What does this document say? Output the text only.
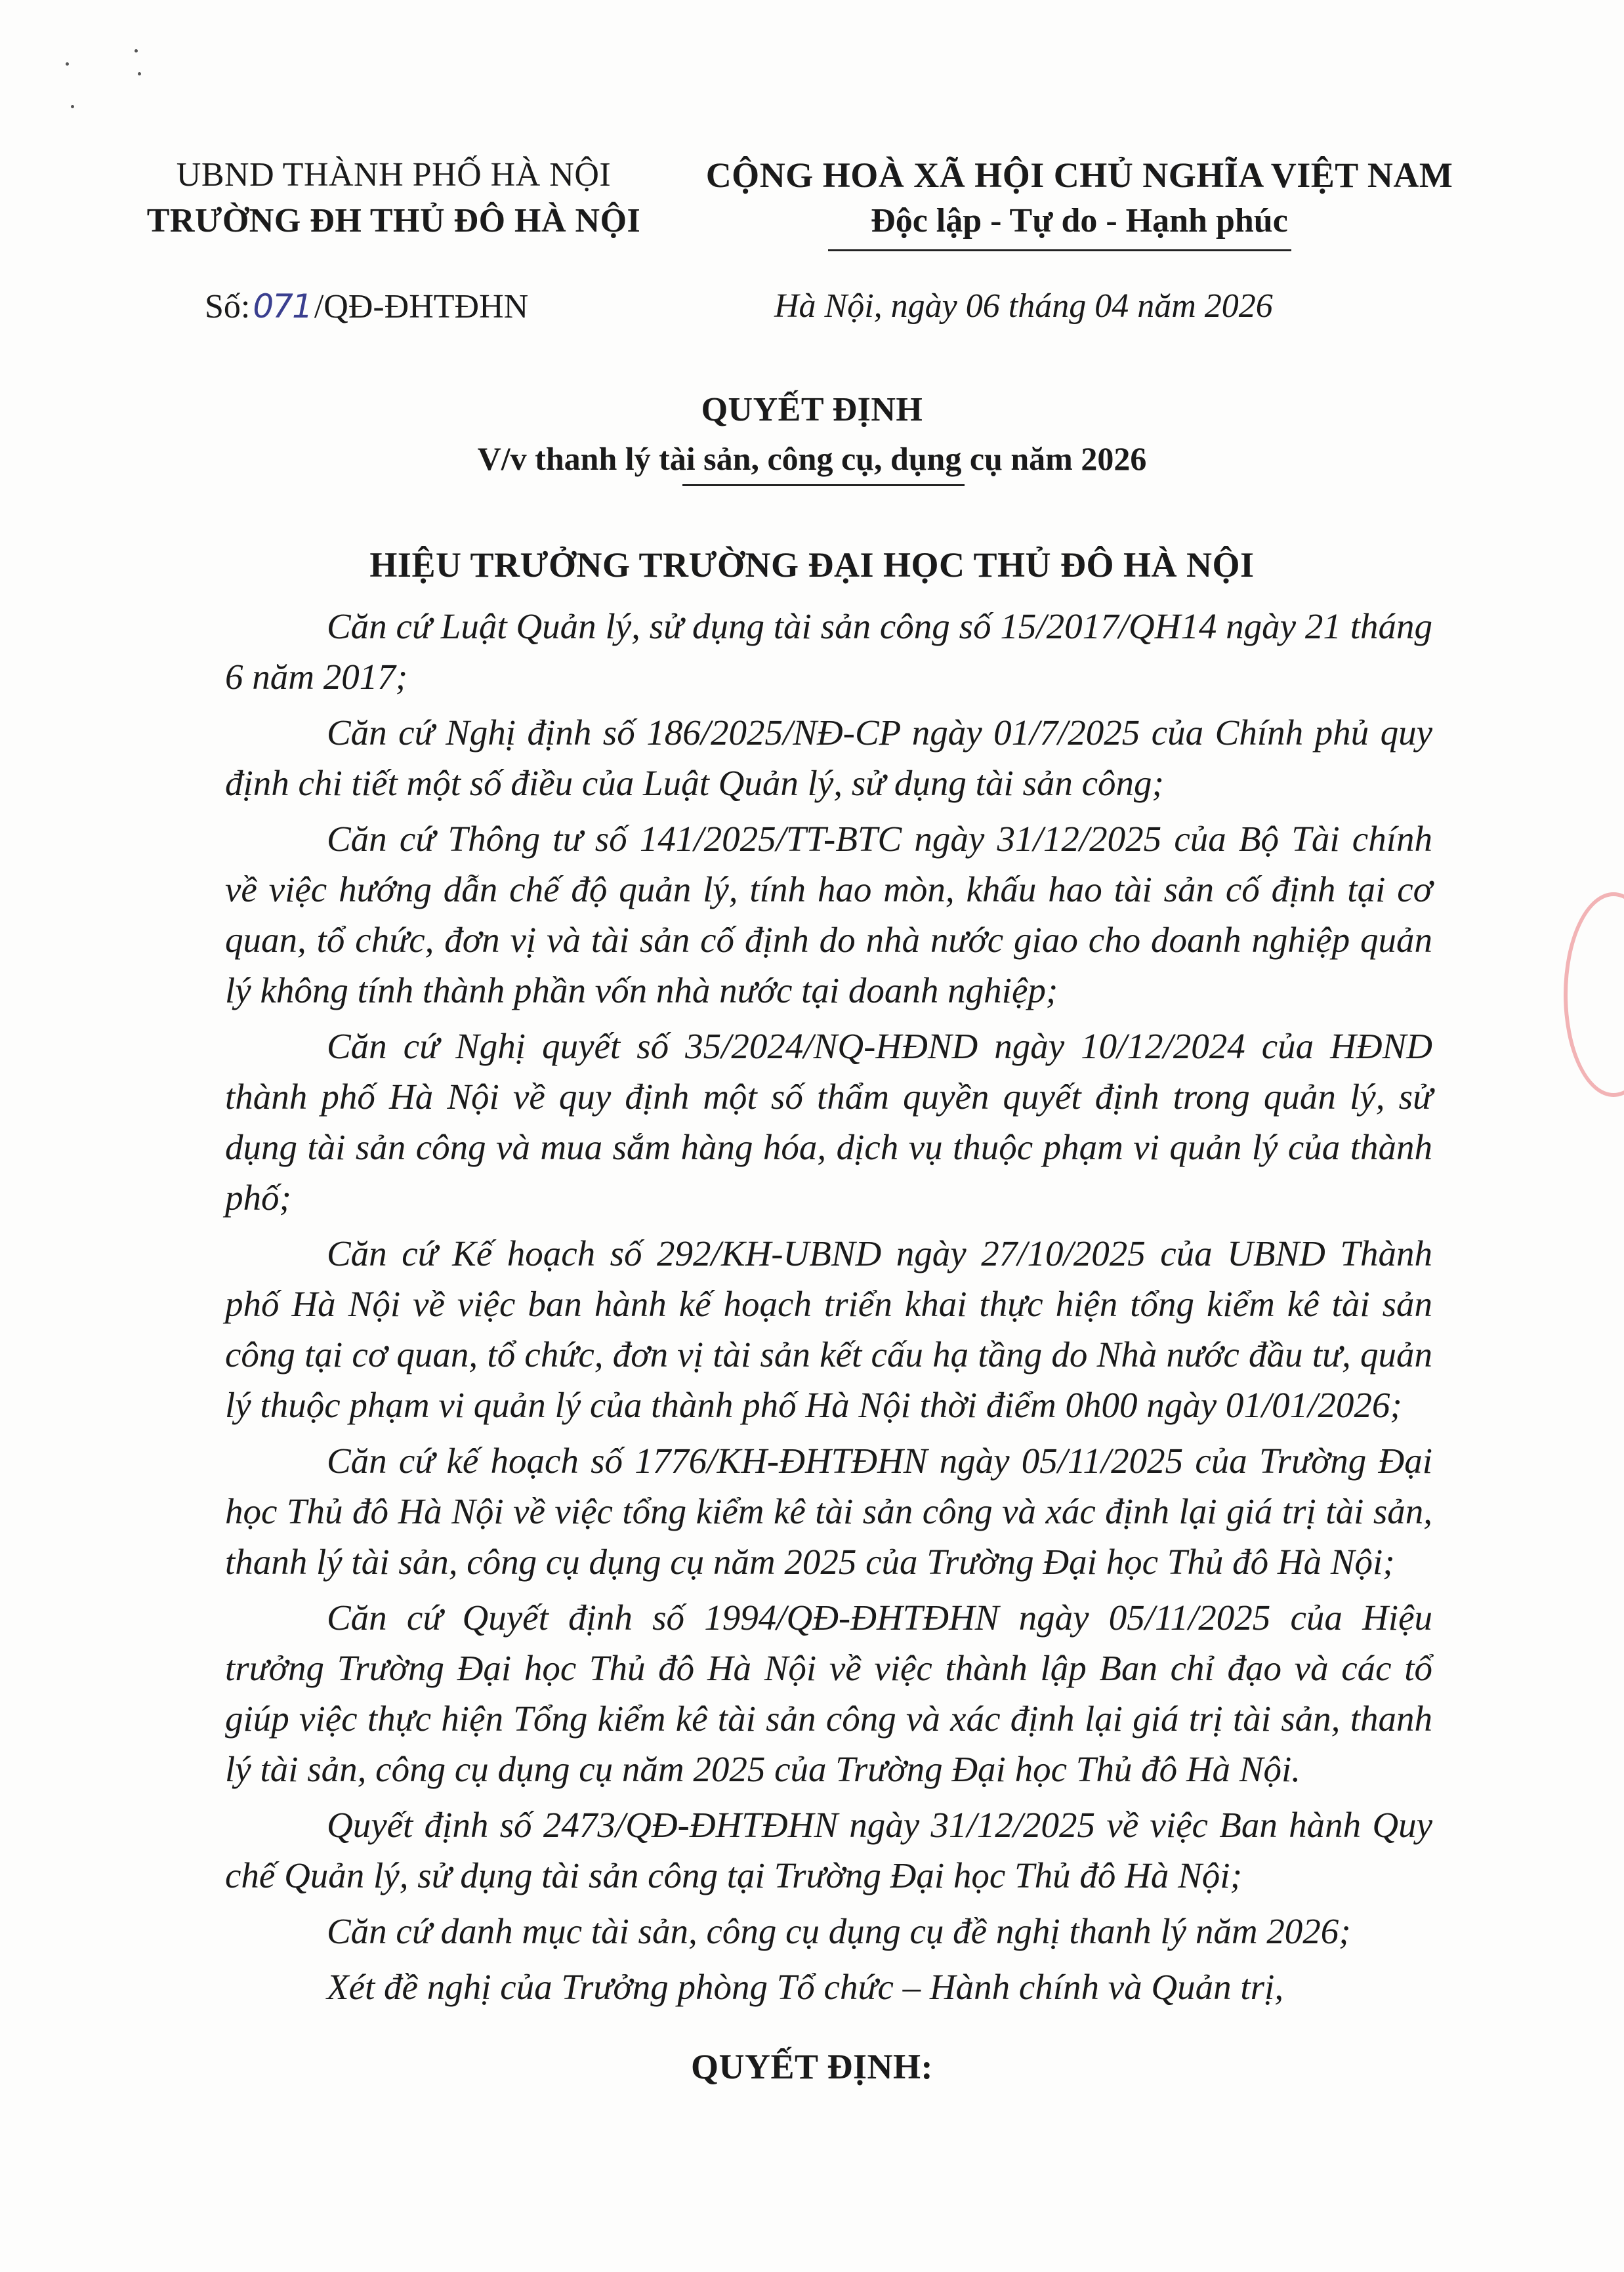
UBND THÀNH PHỐ HÀ NỘI
TRƯỜNG ĐH THỦ ĐÔ HÀ NỘI
CỘNG HOÀ XÃ HỘI CHỦ NGHĨA VIỆT NAM
Độc lập - Tự do - Hạnh phúc
Số:071/QĐ-ĐHTĐHN	Hà Nội, ngày 06 tháng 04 năm 2026
QUYẾT ĐỊNH
V/v thanh lý tài sản, công cụ, dụng cụ năm 2026
HIỆU TRƯỞNG TRƯỜNG ĐẠI HỌC THỦ ĐÔ HÀ NỘI

Căn cứ Luật Quản lý, sử dụng tài sản công số 15/2017/QH14 ngày 21 tháng 6 năm 2017;

Căn cứ Nghị định số 186/2025/NĐ-CP ngày 01/7/2025 của Chính phủ quy định chi tiết một số điều của Luật Quản lý, sử dụng tài sản công;

Căn cứ Thông tư số 141/2025/TT-BTC ngày 31/12/2025 của Bộ Tài chính về việc hướng dẫn chế độ quản lý, tính hao mòn, khấu hao tài sản cố định tại cơ quan, tổ chức, đơn vị và tài sản cố định do nhà nước giao cho doanh nghiệp quản lý không tính thành phần vốn nhà nước tại doanh nghiệp;

Căn cứ Nghị quyết số 35/2024/NQ-HĐND ngày 10/12/2024 của HĐND thành phố Hà Nội về quy định một số thẩm quyền quyết định trong quản lý, sử dụng tài sản công và mua sắm hàng hóa, dịch vụ thuộc phạm vi quản lý của thành phố;

Căn cứ Kế hoạch số 292/KH-UBND ngày 27/10/2025 của UBND Thành phố Hà Nội về việc ban hành kế hoạch triển khai thực hiện tổng kiểm kê tài sản công tại cơ quan, tổ chức, đơn vị tài sản kết cấu hạ tầng do Nhà nước đầu tư, quản lý thuộc phạm vi quản lý của thành phố Hà Nội thời điểm 0h00 ngày 01/01/2026;

Căn cứ kế hoạch số 1776/KH-ĐHTĐHN ngày 05/11/2025 của Trường Đại học Thủ đô Hà Nội về việc tổng kiểm kê tài sản công và xác định lại giá trị tài sản, thanh lý tài sản, công cụ dụng cụ năm 2025 của Trường Đại học Thủ đô Hà Nội;

Căn cứ Quyết định số 1994/QĐ-ĐHTĐHN ngày 05/11/2025 của Hiệu trưởng Trường Đại học Thủ đô Hà Nội về việc thành lập Ban chỉ đạo và các tổ giúp việc thực hiện Tổng kiểm kê tài sản công và xác định lại giá trị tài sản, thanh lý tài sản, công cụ dụng cụ năm 2025 của Trường Đại học Thủ đô Hà Nội.

Quyết định số 2473/QĐ-ĐHTĐHN ngày 31/12/2025 về việc Ban hành Quy chế Quản lý, sử dụng tài sản công tại Trường Đại học Thủ đô Hà Nội;

Căn cứ danh mục tài sản, công cụ dụng cụ đề nghị thanh lý năm 2026;

Xét đề nghị của Trưởng phòng Tổ chức – Hành chính và Quản trị,

QUYẾT ĐỊNH:
